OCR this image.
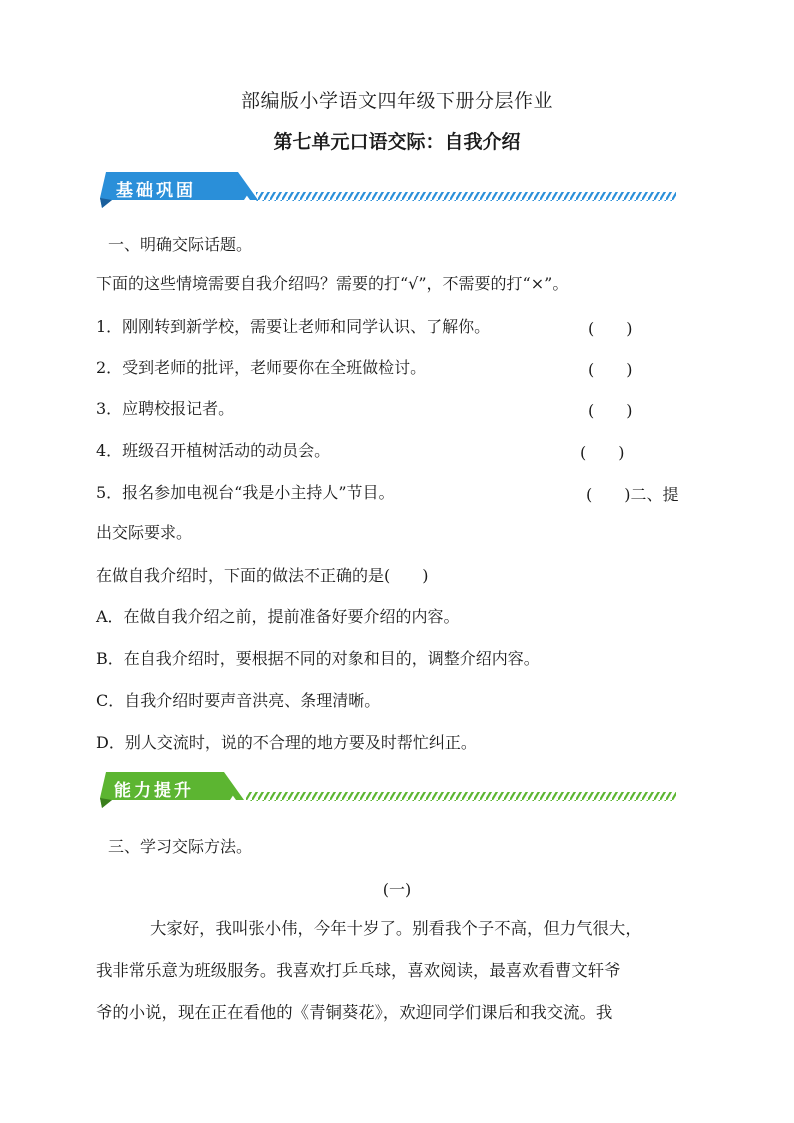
部编版小学语文四年级下册分层作业
第七单元口语交际：自我介绍
基础巩固
一、明确交际话题。
下面的这些情境需要自我介绍吗？需要的打“√”，不需要的打“×”。
1．刚刚转到新学校，需要让老师和同学认识、了解你。	(　　)
2．受到老师的批评，老师要你在全班做检讨。	(　　)
3．应聘校报记者。	(　　)
4．班级召开植树活动的动员会。	(　　)
5．报名参加电视台“我是小主持人”节目。	(　　)二、提
出交际要求。
在做自我介绍时，下面的做法不正确的是(　　)
A．在做自我介绍之前，提前准备好要介绍的内容。
B．在自我介绍时，要根据不同的对象和目的，调整介绍内容。
C．自我介绍时要声音洪亮、条理清晰。
D．别人交流时，说的不合理的地方要及时帮忙纠正。
能力提升
三、学习交际方法。
(一)
大家好，我叫张小伟，今年十岁了。别看我个子不高，但力气很大，
我非常乐意为班级服务。我喜欢打乒乓球，喜欢阅读，最喜欢看曹文轩爷
爷的小说，现在正在看他的《青铜葵花》，欢迎同学们课后和我交流。我
